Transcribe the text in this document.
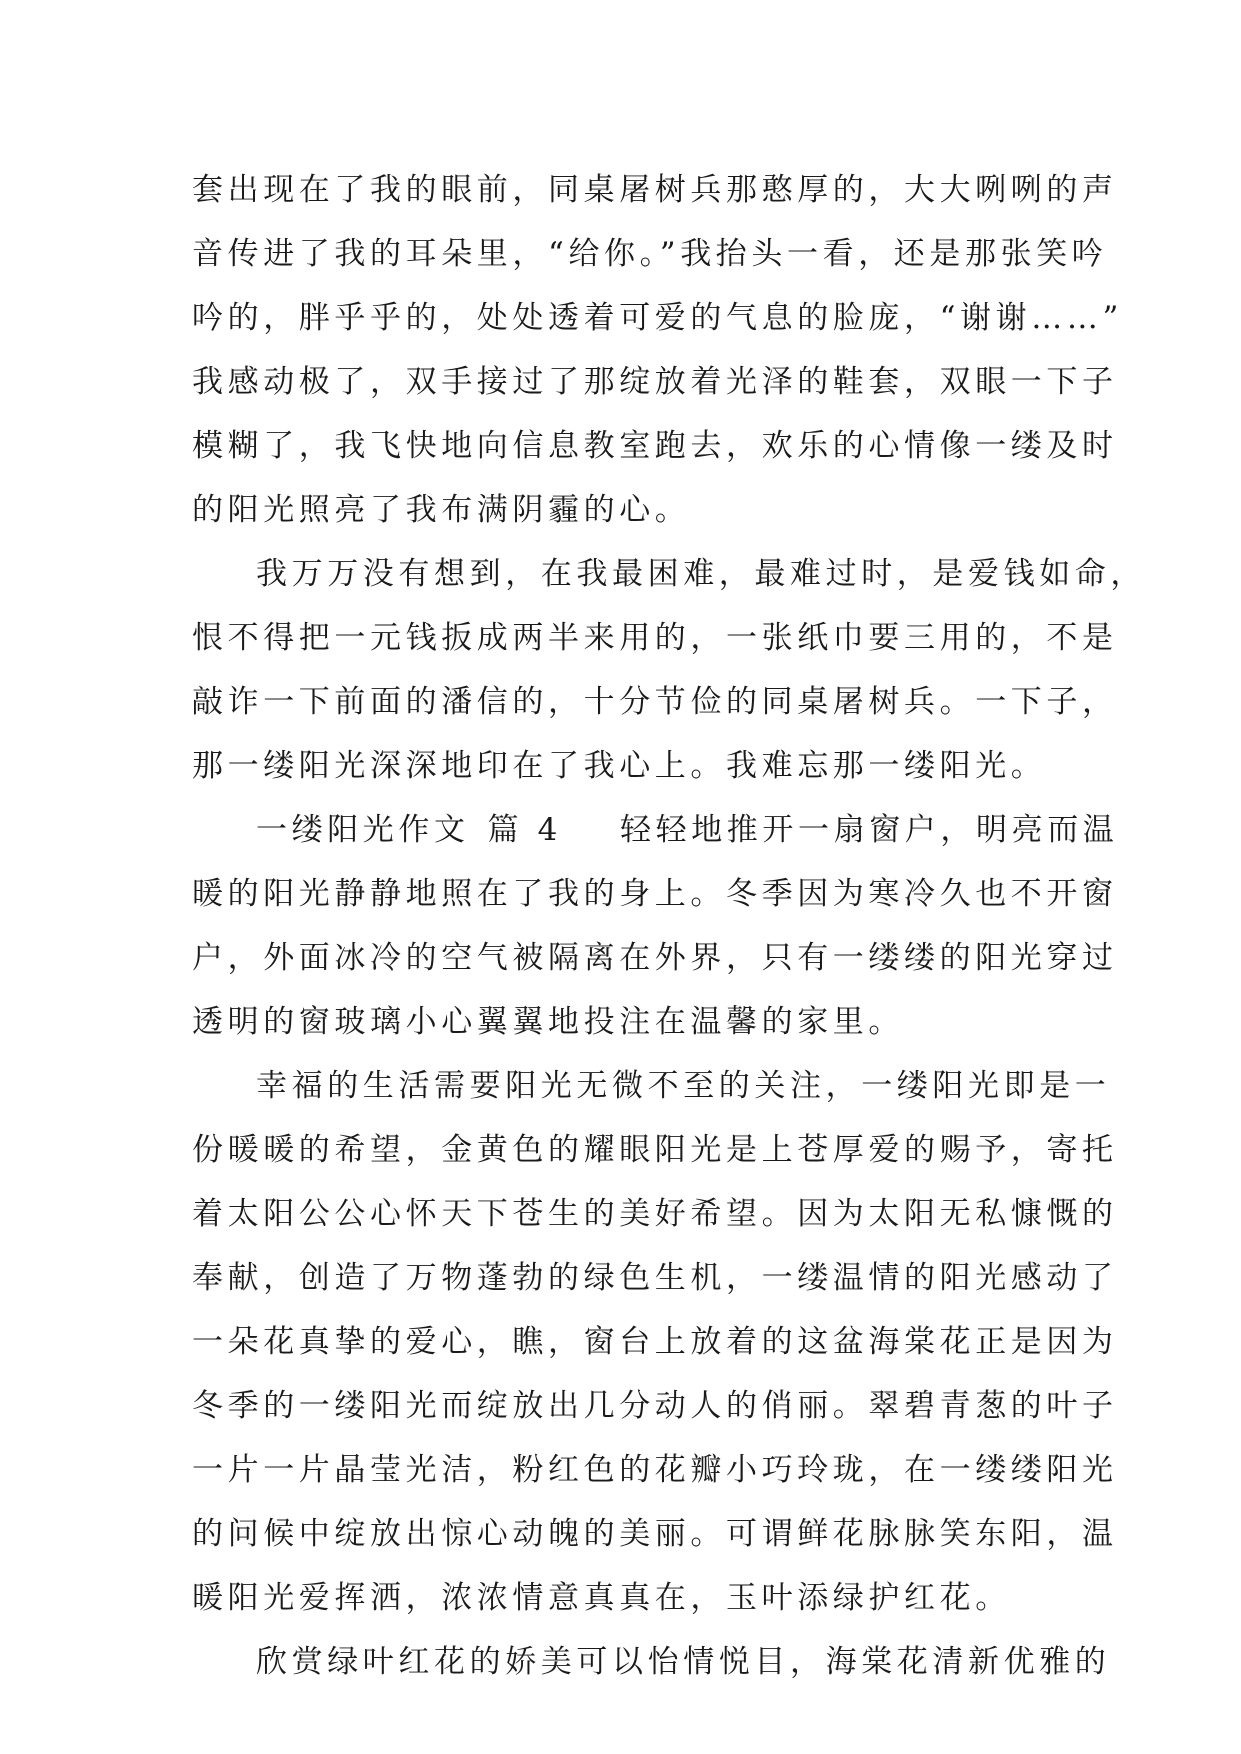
套出现在了我的眼前，同桌屠树兵那憨厚的，大大咧咧的声
音传进了我的耳朵里，“给你。”我抬头一看，还是那张笑吟
吟的，胖乎乎的，处处透着可爱的气息的脸庞，“谢谢……”
我感动极了，双手接过了那绽放着光泽的鞋套，双眼一下子
模糊了，我飞快地向信息教室跑去，欢乐的心情像一缕及时
的阳光照亮了我布满阴霾的心。
我万万没有想到，在我最困难，最难过时，是爱钱如命，
恨不得把一元钱扳成两半来用的，一张纸巾要三用的，不是
敲诈一下前面的潘信的，十分节俭的同桌屠树兵。一下子，
那一缕阳光深深地印在了我心上。我难忘那一缕阳光。
一缕阳光作文 篇 4 轻轻地推开一扇窗户，明亮而温
暖的阳光静静地照在了我的身上。冬季因为寒冷久也不开窗
户，外面冰冷的空气被隔离在外界，只有一缕缕的阳光穿过
透明的窗玻璃小心翼翼地投注在温馨的家里。
幸福的生活需要阳光无微不至的关注，一缕阳光即是一
份暖暖的希望，金黄色的耀眼阳光是上苍厚爱的赐予，寄托
着太阳公公心怀天下苍生的美好希望。因为太阳无私慷慨的
奉献，创造了万物蓬勃的绿色生机，一缕温情的阳光感动了
一朵花真挚的爱心，瞧，窗台上放着的这盆海棠花正是因为
冬季的一缕阳光而绽放出几分动人的俏丽。翠碧青葱的叶子
一片一片晶莹光洁，粉红色的花瓣小巧玲珑，在一缕缕阳光
的问候中绽放出惊心动魄的美丽。可谓鲜花脉脉笑东阳，温
暖阳光爱挥洒，浓浓情意真真在，玉叶添绿护红花。
欣赏绿叶红花的娇美可以怡情悦目，海棠花清新优雅的
